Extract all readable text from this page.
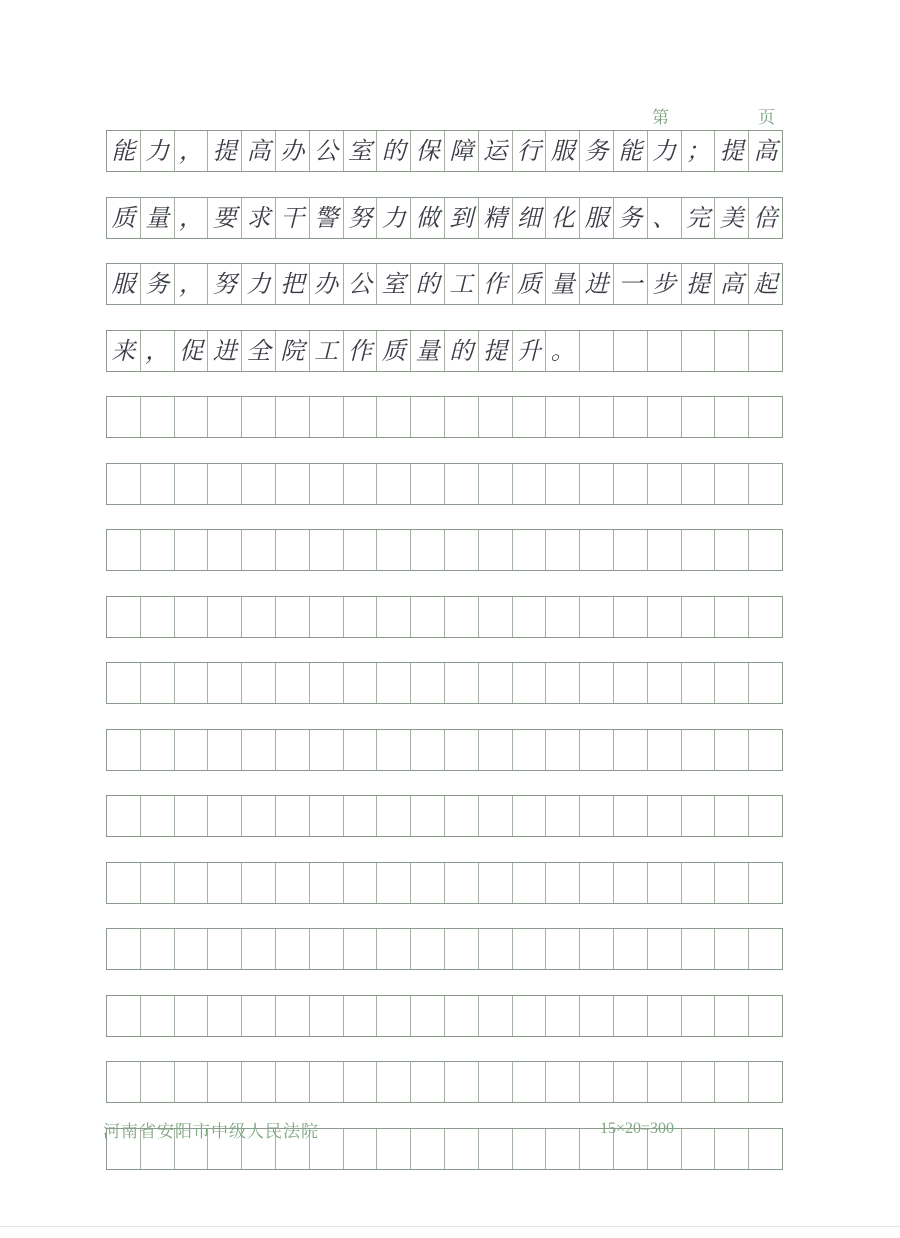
第	页
能 力 ， 提 高 办 公 室 的 保 障 运 行 服 务 能 力 ； 提 高
质 量 ， 要 求 干 警 努 力 做 到 精 细 化 服 务 、 完 美 倍
服 务 ， 努 力 把 办 公 室 的 工 作 质 量 进 一 步 提 高 起
来 ， 促 进 全 院 工 作 质 量 的 提 升 。
河南省安阳市中级人民法院	15×20=300
